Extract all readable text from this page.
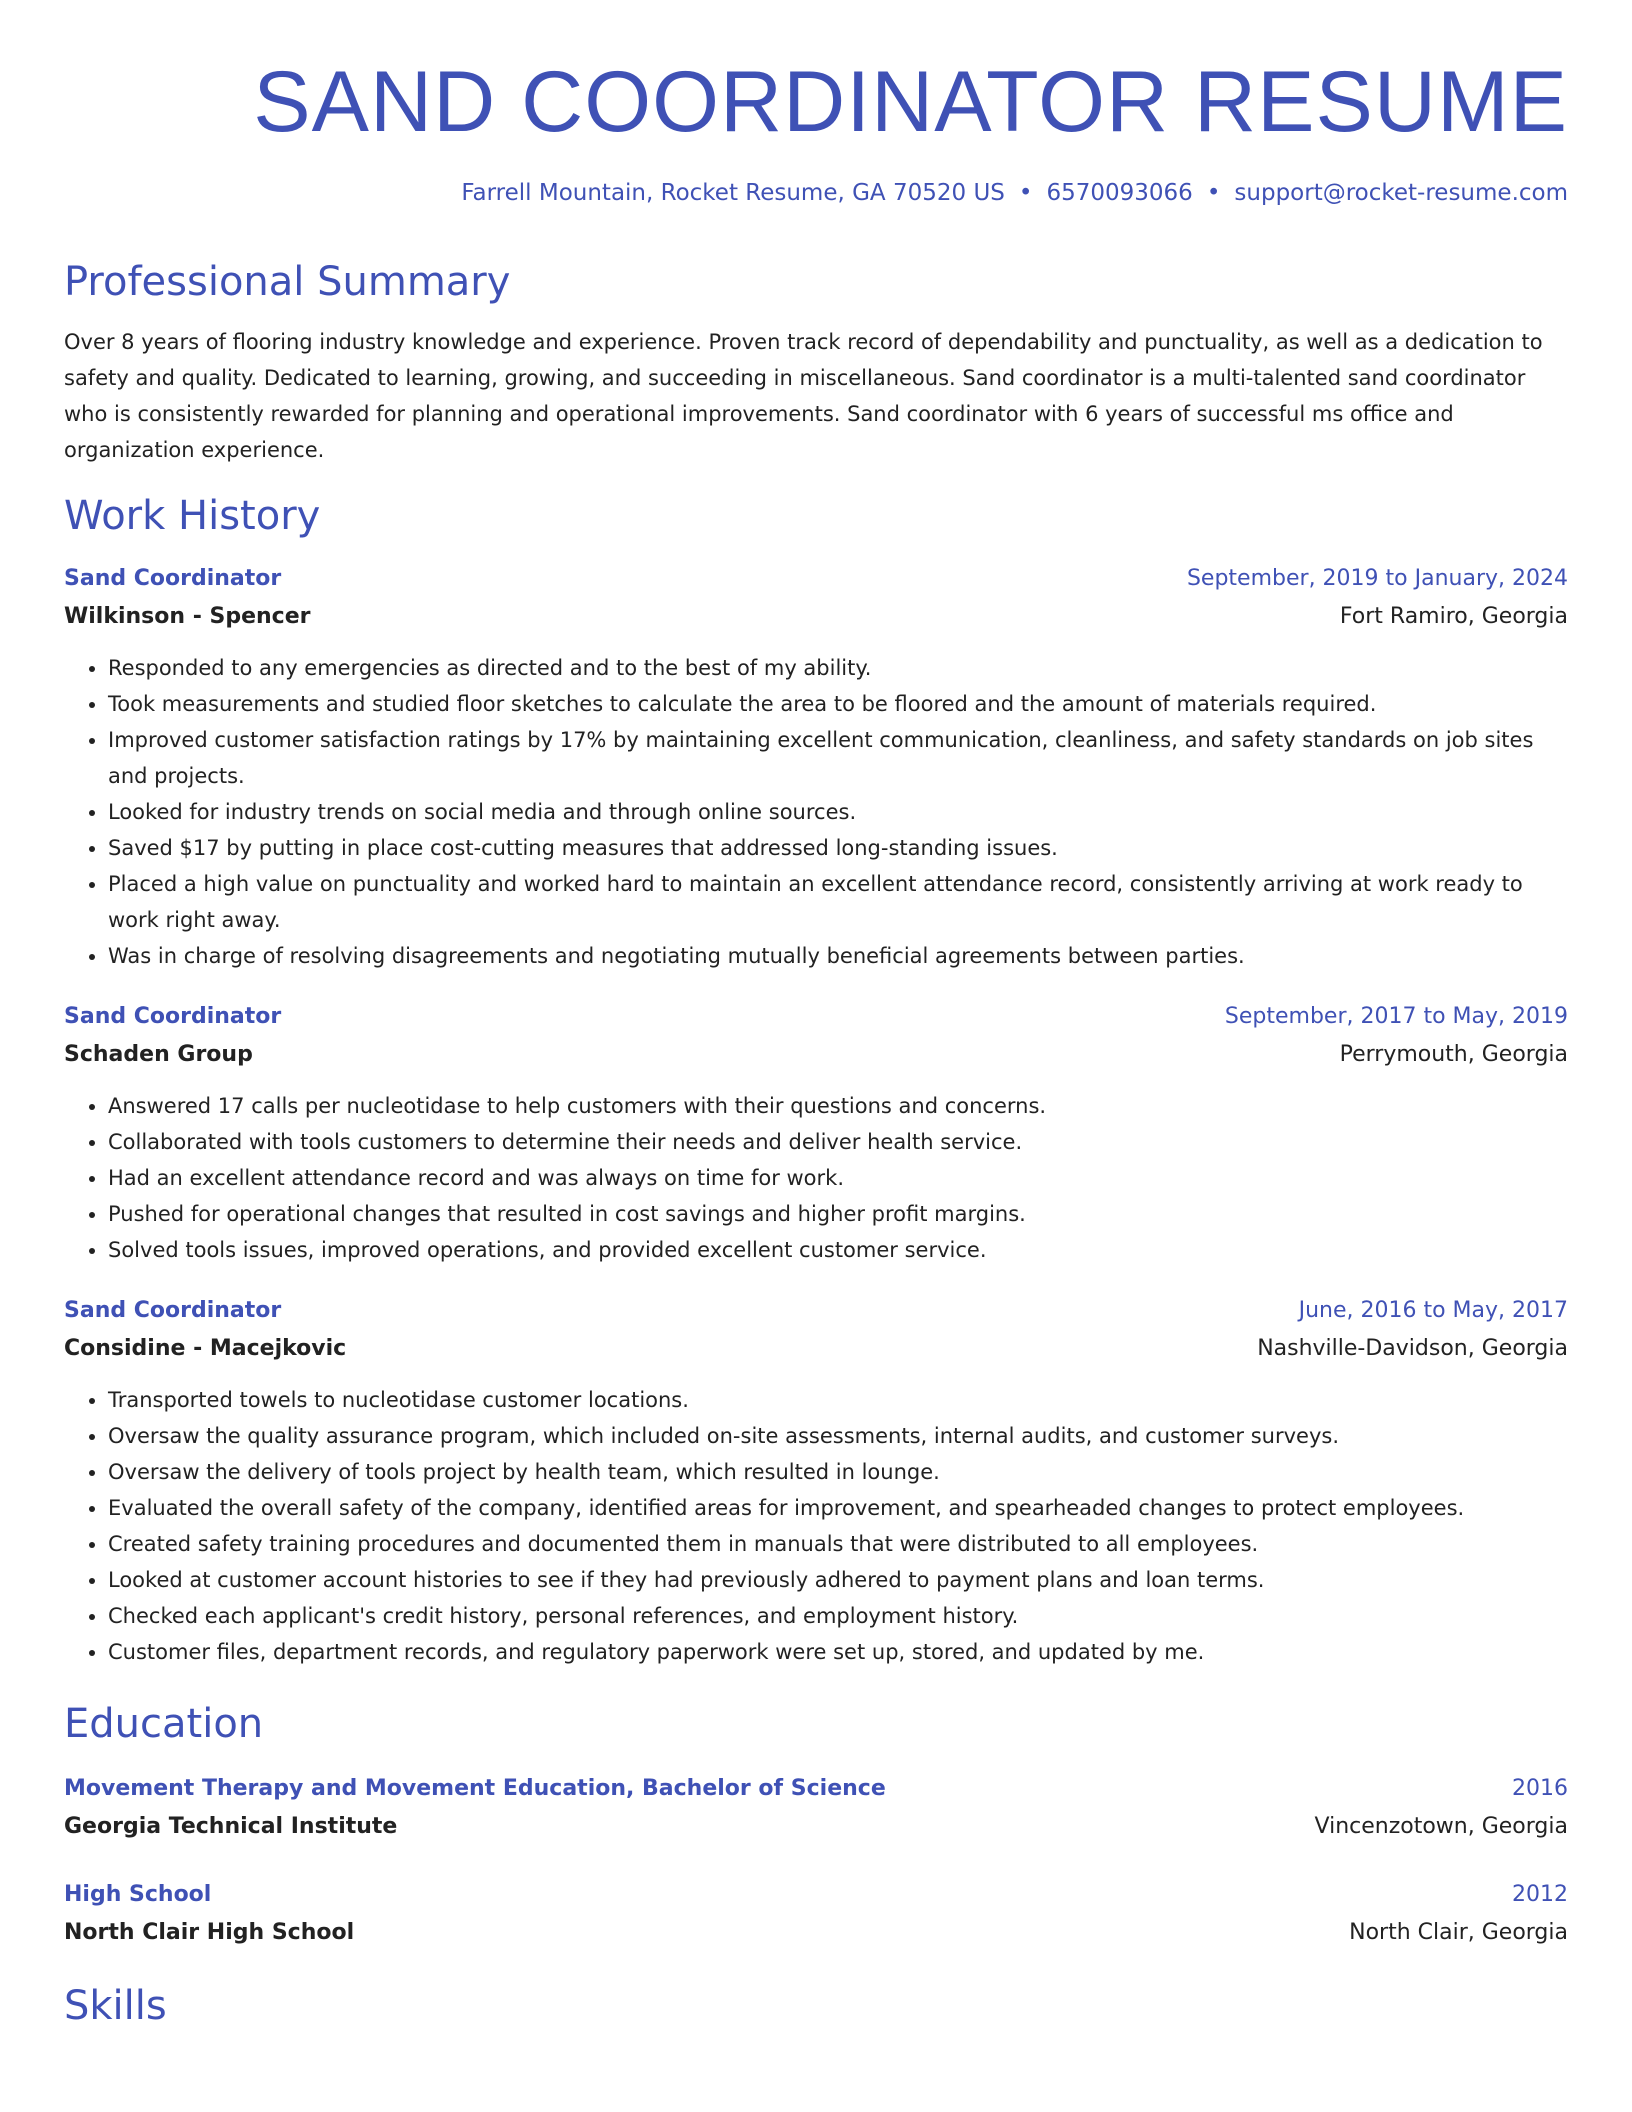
SAND COORDINATOR RESUME
Farrell Mountain, Rocket Resume, GA 70520 US • 6570093066 • support@rocket-resume.com
Professional Summary
Over 8 years of flooring industry knowledge and experience. Proven track record of dependability and punctuality, as well as a dedication to safety and quality. Dedicated to learning, growing, and succeeding in miscellaneous. Sand coordinator is a multi-talented sand coordinator who is consistently rewarded for planning and operational improvements. Sand coordinator with 6 years of successful ms office and organization experience.
Work History
Sand Coordinator	September, 2019 to January, 2024
Wilkinson - Spencer	Fort Ramiro, Georgia
• Responded to any emergencies as directed and to the best of my ability.
• Took measurements and studied floor sketches to calculate the area to be floored and the amount of materials required.
• Improved customer satisfaction ratings by 17% by maintaining excellent communication, cleanliness, and safety standards on job sites and projects.
• Looked for industry trends on social media and through online sources.
• Saved $17 by putting in place cost-cutting measures that addressed long-standing issues.
• Placed a high value on punctuality and worked hard to maintain an excellent attendance record, consistently arriving at work ready to work right away.
• Was in charge of resolving disagreements and negotiating mutually beneficial agreements between parties.
Sand Coordinator	September, 2017 to May, 2019
Schaden Group	Perrymouth, Georgia
• Answered 17 calls per nucleotidase to help customers with their questions and concerns.
• Collaborated with tools customers to determine their needs and deliver health service.
• Had an excellent attendance record and was always on time for work.
• Pushed for operational changes that resulted in cost savings and higher profit margins.
• Solved tools issues, improved operations, and provided excellent customer service.
Sand Coordinator	June, 2016 to May, 2017
Considine - Macejkovic	Nashville-Davidson, Georgia
• Transported towels to nucleotidase customer locations.
• Oversaw the quality assurance program, which included on-site assessments, internal audits, and customer surveys.
• Oversaw the delivery of tools project by health team, which resulted in lounge.
• Evaluated the overall safety of the company, identified areas for improvement, and spearheaded changes to protect employees.
• Created safety training procedures and documented them in manuals that were distributed to all employees.
• Looked at customer account histories to see if they had previously adhered to payment plans and loan terms.
• Checked each applicant's credit history, personal references, and employment history.
• Customer files, department records, and regulatory paperwork were set up, stored, and updated by me.
Education
Movement Therapy and Movement Education, Bachelor of Science	2016
Georgia Technical Institute	Vincenzotown, Georgia
High School	2012
North Clair High School	North Clair, Georgia
Skills
